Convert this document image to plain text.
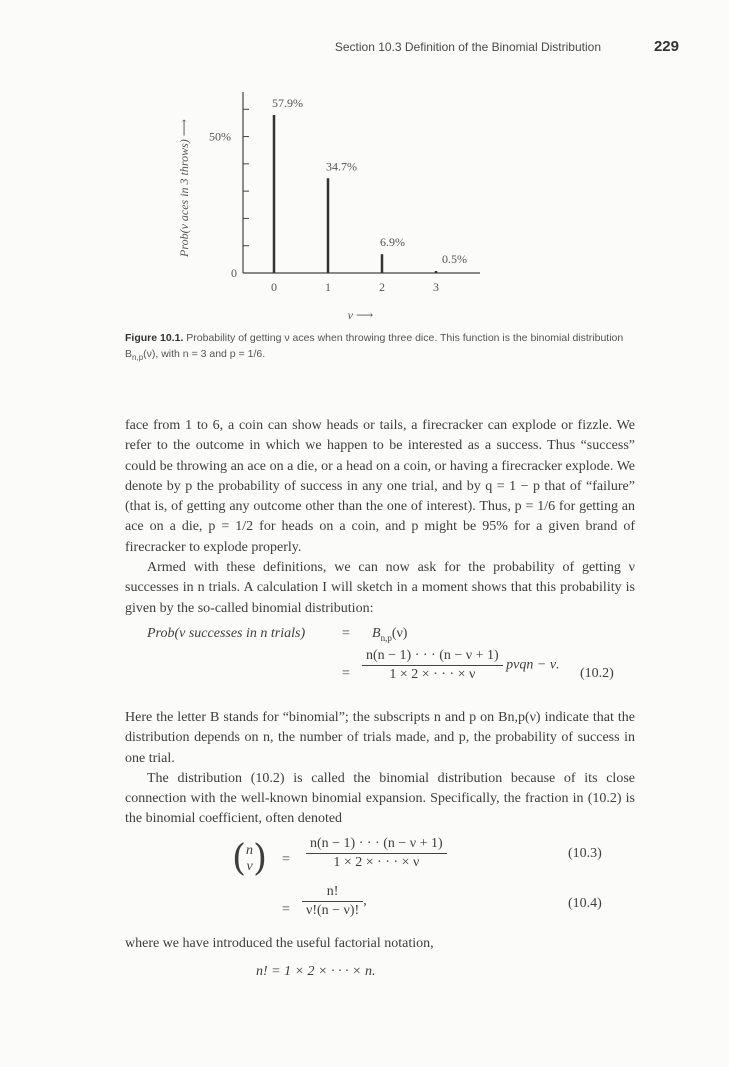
Section 10.3 Definition of the Binomial Distribution	229
0
50%
57.9%
0
34.7%
1
6.9%
2
0.5%
3
ν ⟶
Prob(ν aces in 3 throws) ⟶
Figure 10.1. Probability of getting ν aces when throwing three dice. This function is the binomial distribution $B_{n,p}(\nu)$, with n = 3 and p = 1/6.

face from 1 to 6, a coin can show heads or tails, a firecracker can explode or fizzle. We refer to the outcome in which we happen to be interested as a success. Thus “success” could be throwing an ace on a die, or a head on a coin, or having a firecracker explode. We denote by p the probability of success in any one trial, and by q = 1 − p that of “failure” (that is, of getting any outcome other than the one of interest). Thus, p = 1/6 for getting an ace on a die, p = 1/2 for heads on a coin, and p might be 95% for a given brand of firecracker to explode properly.

Armed with these definitions, we can now ask for the probability of getting ν successes in n trials. A calculation I will sketch in a moment shows that this probability is given by the so-called binomial distribution:

Prob(ν successes in n trials)	= $B_{n,p}(\nu)$
= $\frac{n(n - 1) \cdot \cdot \cdot (n - \nu + 1)}{1 \times 2 \times \cdot \cdot \cdot \times \nu}$ pνqn − ν.
(10.2)

Here the letter B stands for “binomial”; the subscripts n and p on Bn,p(ν) indicate that the distribution depends on n, the number of trials made, and p, the probability of success in one trial.

The distribution (10.2) is called the binomial distribution because of its close connection with the well-known binomial expansion. Specifically, the fraction in (10.2) is the binomial coefficient, often denoted

( n
ν ) = $\frac{n(n - 1) \cdot \cdot \cdot (n - \nu + 1)}{1 \times 2 \times \cdot \cdot \cdot \times \nu}$	(10.3)
= $\frac{n!}{\nu!(n - \nu)!}$ ,	(10.4)

where we have introduced the useful factorial notation,

n! = 1 × 2 × · · · × n.
